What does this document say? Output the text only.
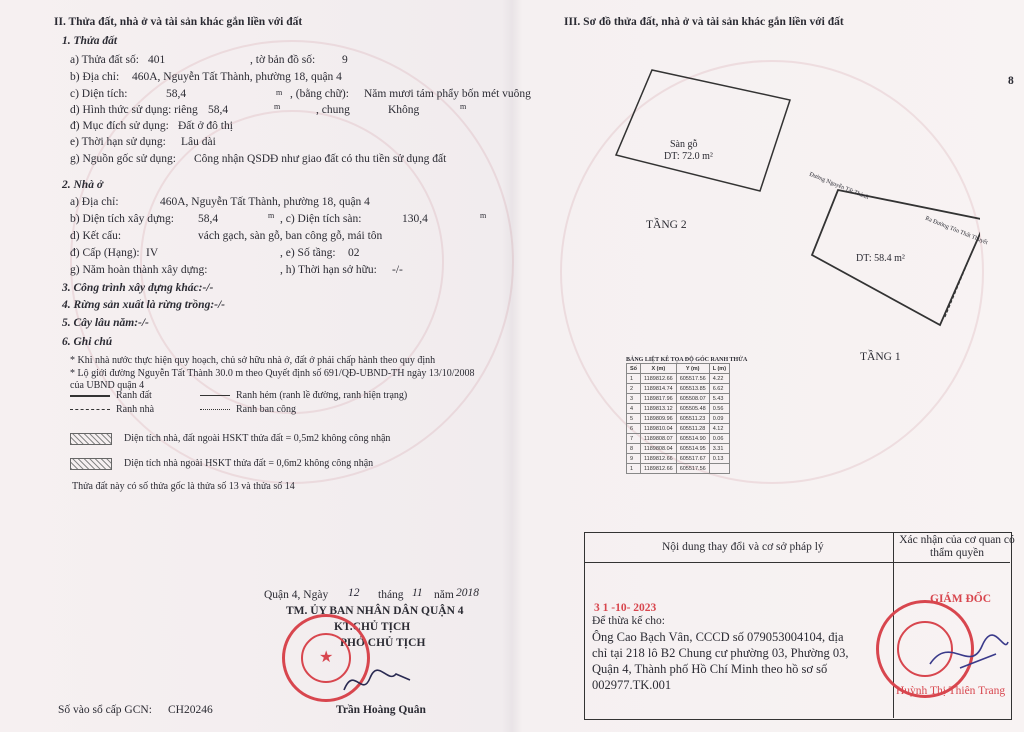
II. Thửa đất, nhà ở và tài sản khác gắn liền với đất
1. Thửa đất
a) Thửa đất số: 401	, tờ bản đồ số: 9
b) Địa chỉ: 460A, Nguyễn Tất Thành, phường 18, quận 4
c) Diện tích:	58,4	m , (bằng chữ): Năm mươi tám phẩy bốn mét vuông
d) Hình thức sử dụng: riêng 58,4	m	, chung	Không	m
đ) Mục đích sử dụng: Đất ở đô thị
e) Thời hạn sử dụng: Lâu dài
g) Nguồn gốc sử dụng: Công nhận QSDĐ như giao đất có thu tiền sử dụng đất
2. Nhà ở
a) Địa chỉ:	460A, Nguyễn Tất Thành, phường 18, quận 4
b) Diện tích xây dựng: 58,4	m , c) Diện tích sàn:	130,4	m
d) Kết cấu:	vách gạch, sàn gỗ, ban công gỗ, mái tôn
đ) Cấp (Hạng): IV	, e) Số tầng: 02
g) Năm hoàn thành xây dựng:	, h) Thời hạn sở hữu: -/-
3. Công trình xây dựng khác:-/-
4. Rừng sản xuất là rừng trồng:-/-
5. Cây lâu năm:-/-
6. Ghi chú
* Khi nhà nước thực hiện quy hoạch, chủ sở hữu nhà ở, đất ở phải chấp hành theo quy định
* Lộ giới đường Nguyễn Tất Thành 30.0 m theo Quyết định số 691/QĐ-UBND-TH ngày 13/10/2008
của UBND quận 4
Ranh đất	Ranh hẻm (ranh lề đường, ranh hiện trạng)
Ranh nhà	Ranh ban công
Diện tích nhà, đất ngoài HSKT thửa đất = 0,5m2 không công nhận
Diện tích nhà ngoài HSKT thửa đất = 0,6m2 không công nhận
Thửa đất này có số thửa gốc là thửa số 13 và thửa số 14
Quận 4, Ngày 12 tháng 11 năm 2018
TM. ỦY BAN NHÂN DÂN QUẬN 4
KT.CHỦ TỊCH
PHÓ CHỦ TỊCH
★
Trần Hoàng Quân
Số vào sổ cấp GCN: CH20246
III. Sơ đồ thửa đất, nhà ở và tài sản khác gắn liền với đất
8
Sàn gỗ
DT: 72.0 m²
TẦNG 2
DT: 58.4 m²
TẦNG 1
Đường Nguyễn Tất Thành
Ra Đường Tôn Thất Thuyết
BẢNG LIỆT KÊ TỌA ĐỘ GÓC RANH THỬA
Số	X (m)	Y (m)	L (m)
1	1189812.66	605517.56	4.22
2	1189814.74	605513.85	6.62
3	1189817.96	605508.07	5.43
4	1189813.12	605505.48	0.56
5	1189809.96	605511.23	0.09
6	1189810.04	605511.28	4.12
7	1189808.07	605514.90	0.06
8	1189808.04	605514.95	3.31
9	1189812.66	605517.67	0.13
1	1189812.66	605517.56	
Nội dung thay đổi và cơ sở pháp lý
Xác nhận của cơ quan có thẩm quyền
3 1 -10- 2023
Để thừa kế cho:
Ông Cao Bạch Vân, CCCD số 079053004104, địa
chỉ tại 218 lô B2 Chung cư phường 03, Phường 03,
Quận 4, Thành phố Hồ Chí Minh theo hồ sơ số
002977.TK.001
GIÁM ĐỐC
Huỳnh Thị Thiên Trang
